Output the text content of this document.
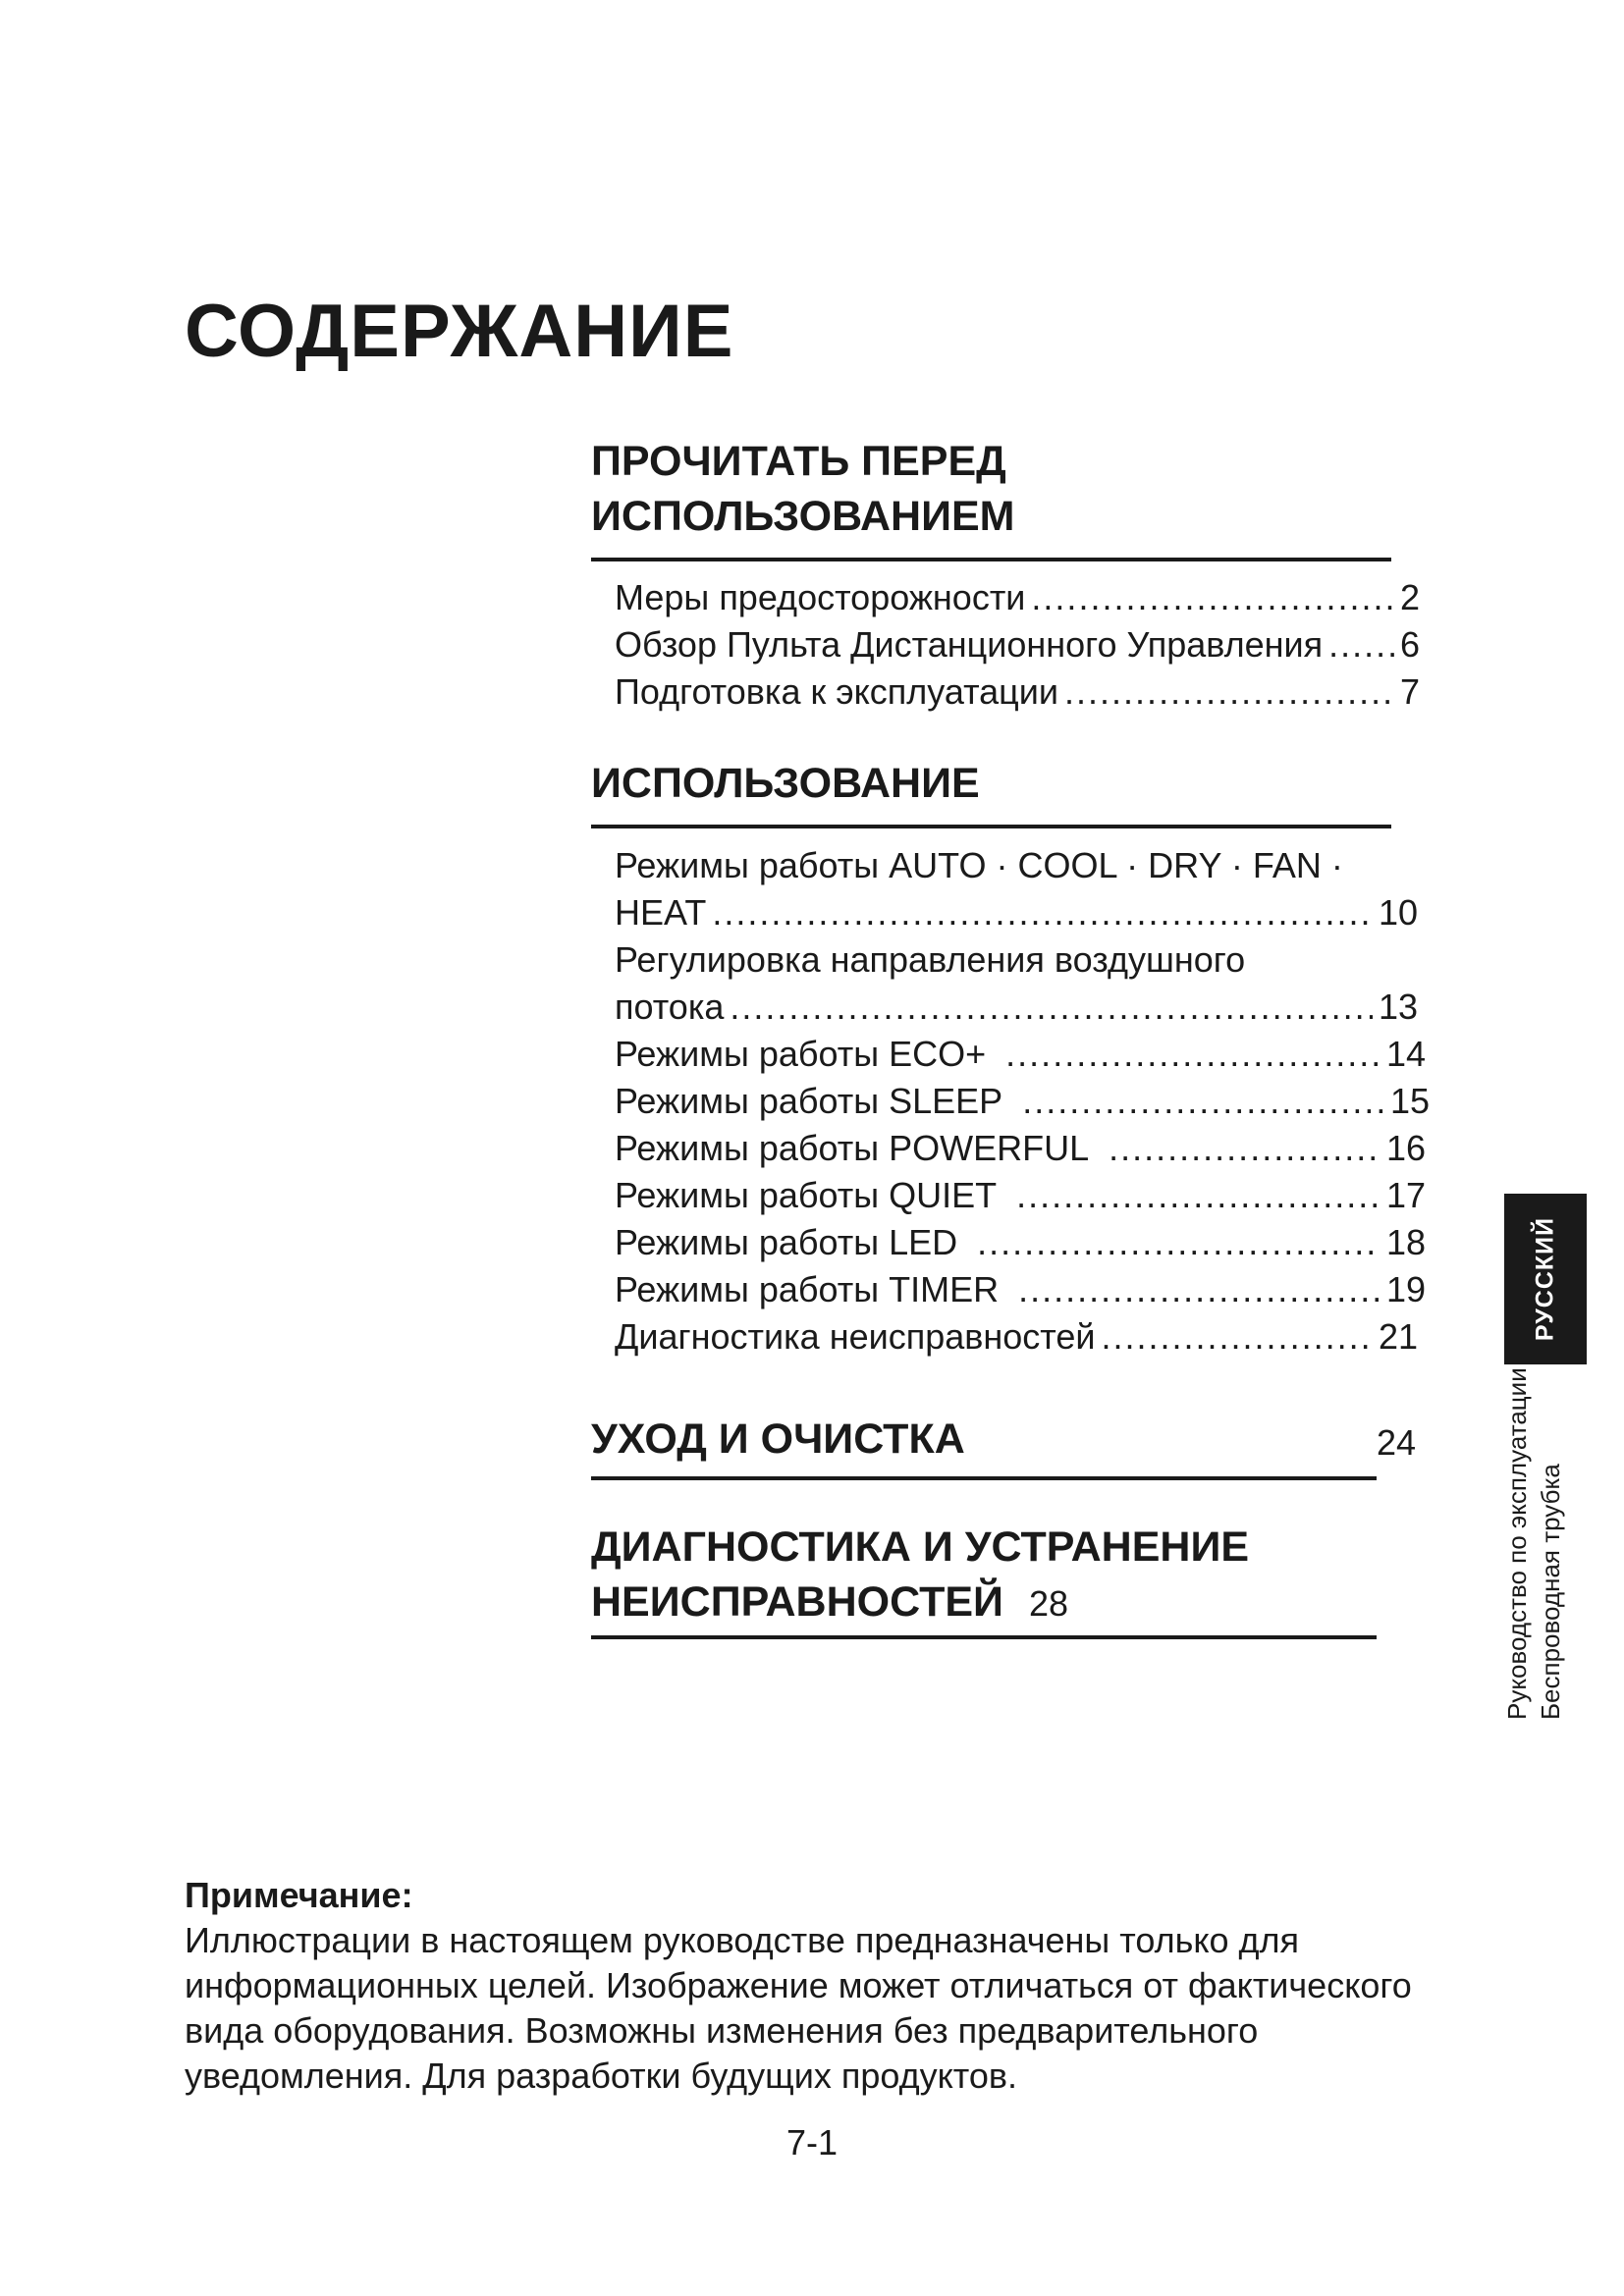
СОДЕРЖАНИЕ
ПРОЧИТАТЬ ПЕРЕД
ИСПОЛЬЗОВАНИЕМ
Меры предосторожности . . .	2
Обзор Пульта Дистанционного Управления . . . 6
Подготовка к эксплуатации . . .	7
ИСПОЛЬЗОВАНИЕ
Режимы работы AUTO · COOL · DRY · FAN ·
HEAT . . .	10
Регулировка направления воздушного
потока . . .	13
Режимы работы ECO+ . . .	14
Режимы работы SLEEP . . .	15
Режимы работы POWERFUL . . .	16
Режимы работы QUIET . . .	17
Режимы работы LED . . .	18
Режимы работы TIMER . . .	19
Диагностика неисправностей . . .	21
УХОД И ОЧИСТКА	24
ДИАГНОСТИКА И УСТРАНЕНИЕ
НЕИСПРАВНОСТЕЙ 28
РУССКИЙ
Руководство по эксплуатации Беспроводная трубка
Примечание:
Иллюстрации в настоящем руководстве предназначены только для
информационных целей. Изображение может отличаться от фактического
вида оборудования. Возможны изменения без предварительного
уведомления. Для разработки будущих продуктов.
7-1
